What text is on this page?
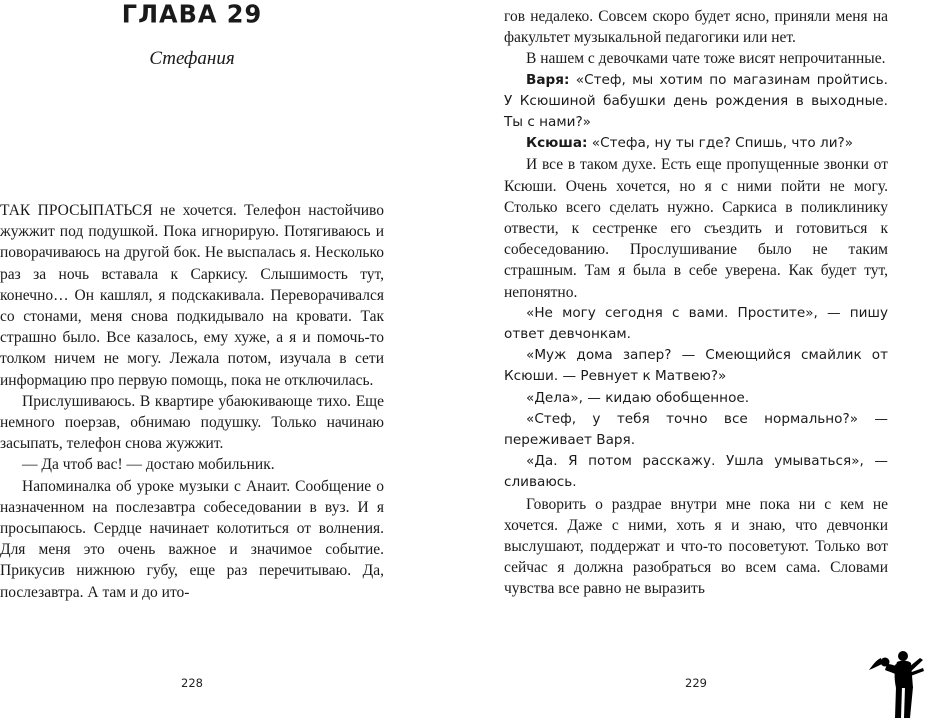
ГЛАВА 29
Стефания

ТАК ПРОСЫПАТЬСЯ не хочется. Телефон настойчиво жужжит под подушкой. Пока игнорирую. Потягиваюсь и поворачиваюсь на другой бок. Не выспалась я. Несколько раз за ночь вставала к Саркису. Слышимость тут, конечно… Он кашлял, я подскакивала. Переворачивался со стонами, меня снова подкидывало на кровати. Так страшно было. Все казалось, ему хуже, а я и помочь-то толком ничем не могу. Лежала потом, изучала в сети информацию про первую помощь, пока не отключилась.

Прислушиваюсь. В квартире убаюкивающе тихо. Еще немного поерзав, обнимаю подушку. Только начинаю засыпать, телефон снова жужжит.

— Да чтоб вас! — достаю мобильник.

Напоминалка об уроке музыки с Анаит. Сообщение о назначенном на послезавтра собеседовании в вуз. И я просыпаюсь. Сердце начинает колотиться от волнения. Для меня это очень важное и значимое событие. Прикусив нижнюю губу, еще раз перечитываю. Да, послезавтра. А там и до ито-

228

гов недалеко. Совсем скоро будет ясно, приняли меня на факультет музыкальной педагогики или нет.

В нашем с девочками чате тоже висят непрочитанные.

Варя: «Стеф, мы хотим по магазинам пройтись. У Ксюшиной бабушки день рождения в выходные. Ты с нами?»

Ксюша: «Стефа, ну ты где? Спишь, что ли?»

И все в таком духе. Есть еще пропущенные звонки от Ксюши. Очень хочется, но я с ними пойти не могу. Столько всего сделать нужно. Саркиса в поликлинику отвести, к сестренке его съездить и готовиться к собеседованию. Прослушивание было не таким страшным. Там я была в себе уверена. Как будет тут, непонятно.

«Не могу сегодня с вами. Простите», — пишу ответ девчонкам.

«Муж дома запер? — Смеющийся смайлик от Ксюши. — Ревнует к Матвею?»

«Дела», — кидаю обобщенное.

«Стеф, у тебя точно все нормально?» — переживает Варя.

«Да. Я потом расскажу. Ушла умываться», — сливаюсь.

Говорить о раздрае внутри мне пока ни с кем не хочется. Даже с ними, хоть я и знаю, что девчонки выслушают, поддержат и что-то посоветуют. Только вот сейчас я должна разобраться во всем сама. Словами чувства все равно не выразить

229
